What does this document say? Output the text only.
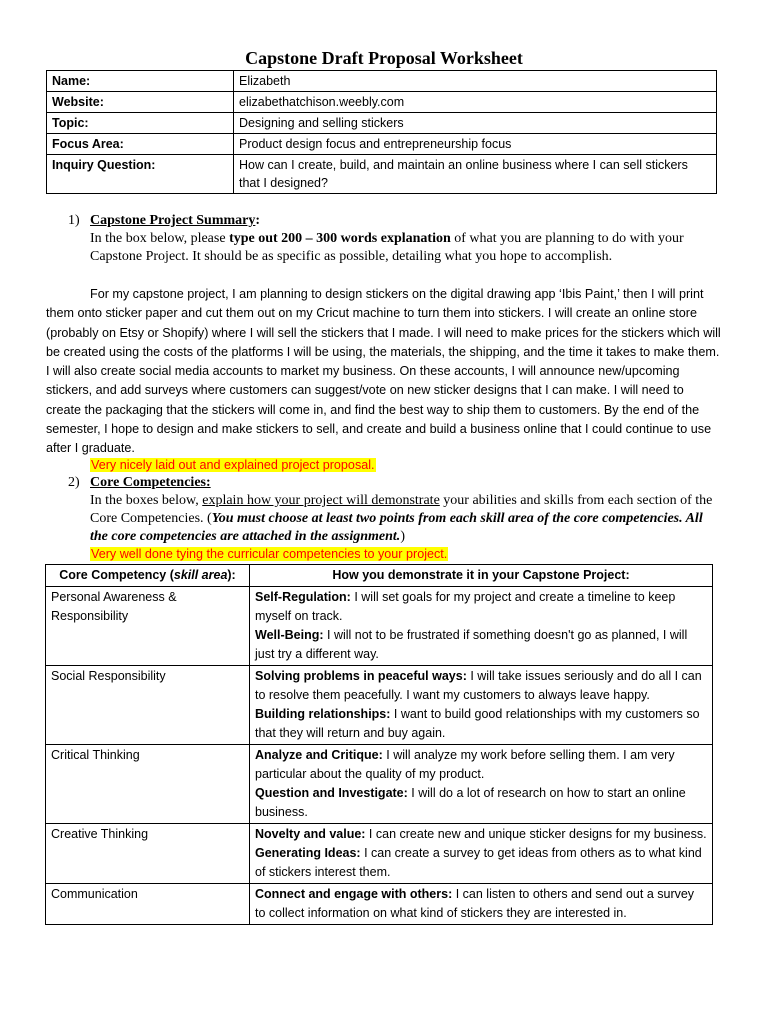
Capstone Draft Proposal Worksheet
Name:	Elizabeth
Website:	elizabethatchison.weebly.com
Topic:	Designing and selling stickers
Focus Area:	Product design focus and entrepreneurship focus
Inquiry Question:	How can I create, build, and maintain an online business where I can sell stickers that I designed?
1) Capstone Project Summary:
In the box below, please type out 200 – 300 words explanation of what you are planning to do with your Capstone Project. It should be as specific as possible, detailing what you hope to accomplish.
For my capstone project, I am planning to design stickers on the digital drawing app ‘Ibis Paint,’ then I will print them onto sticker paper and cut them out on my Cricut machine to turn them into stickers. I will create an online store (probably on Etsy or Shopify) where I will sell the stickers that I made. I will need to make prices for the stickers which will be created using the costs of the platforms I will be using, the materials, the shipping, and the time it takes to make them. I will also create social media accounts to market my business. On these accounts, I will announce new/upcoming stickers, and add surveys where customers can suggest/vote on new sticker designs that I can make. I will need to create the packaging that the stickers will come in, and find the best way to ship them to customers. By the end of the semester, I hope to design and make stickers to sell, and create and build a business online that I could continue to use after I graduate.
Very nicely laid out and explained project proposal.
2) Core Competencies:
In the boxes below, explain how your project will demonstrate your abilities and skills from each section of the Core Competencies. (You must choose at least two points from each skill area of the core competencies. All the core competencies are attached in the assignment.)
Very well done tying the curricular competencies to your project.
Core Competency (skill area):	How you demonstrate it in your Capstone Project:
Personal Awareness & Responsibility	Self-Regulation: I will set goals for my project and create a timeline to keep myself on track.
Well-Being: I will not to be frustrated if something doesn't go as planned, I will just try a different way.

Social Responsibility	Solving problems in peaceful ways: I will take issues seriously and do all I can to resolve them peacefully. I want my customers to always leave happy.
Building relationships: I want to build good relationships with my customers so that they will return and buy again.

Critical Thinking	Analyze and Critique: I will analyze my work before selling them. I am very particular about the quality of my product.
Question and Investigate: I will do a lot of research on how to start an online business.

Creative Thinking	Novelty and value: I can create new and unique sticker designs for my business.
Generating Ideas: I can create a survey to get ideas from others as to what kind of stickers interest them.

Communication	Connect and engage with others: I can listen to others and send out a survey to collect information on what kind of stickers they are interested in.
